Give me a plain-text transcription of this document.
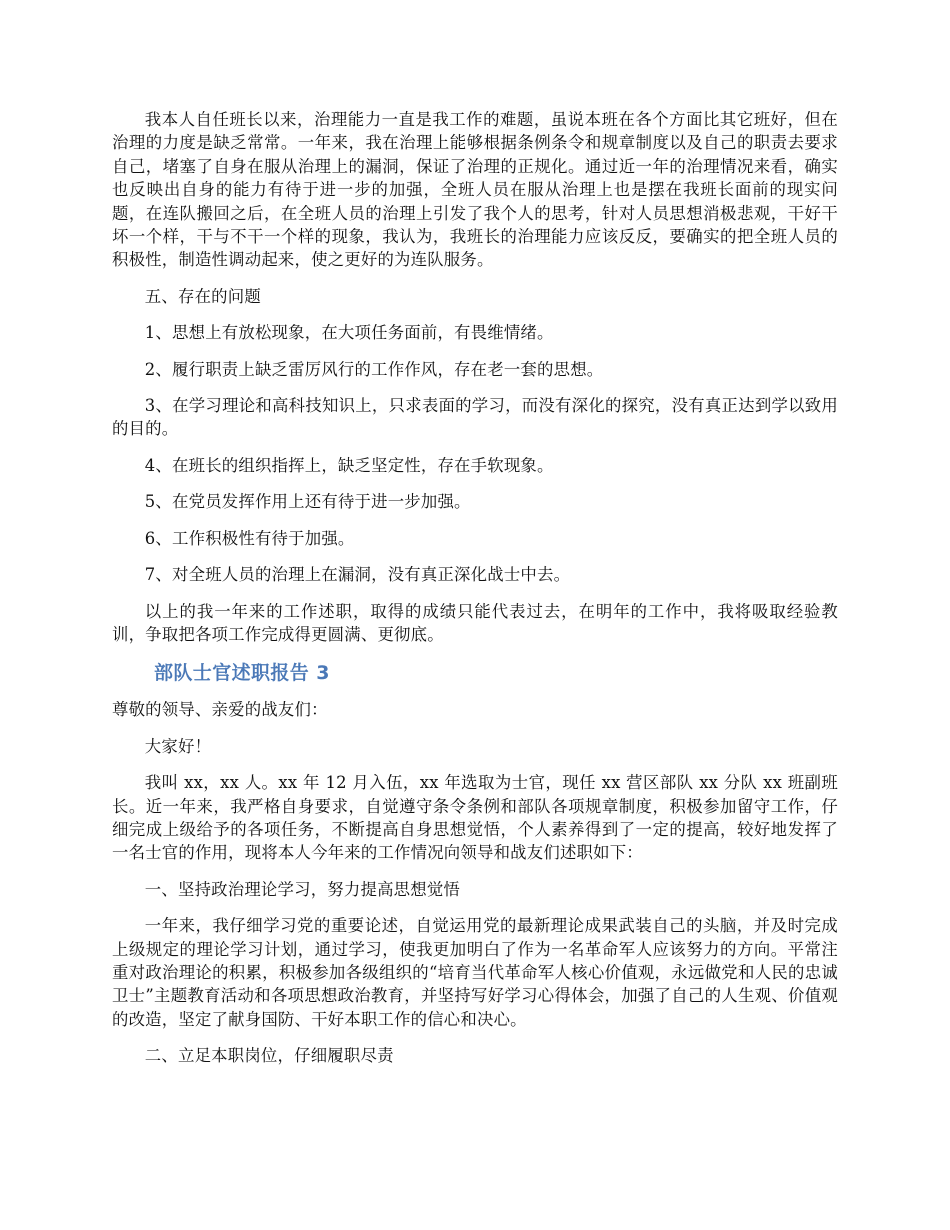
我本人自任班长以来，治理能力一直是我工作的难题，虽说本班在各个方面比其它班好，但在治理的力度是缺乏常常。一年来，我在治理上能够根据条例条令和规章制度以及自己的职责去要求自己，堵塞了自身在服从治理上的漏洞，保证了治理的正规化。通过近一年的治理情况来看，确实也反映出自身的能力有待于进一步的加强，全班人员在服从治理上也是摆在我班长面前的现实问题，在连队搬回之后，在全班人员的治理上引发了我个人的思考，针对人员思想消极悲观，干好干坏一个样，干与不干一个样的现象，我认为，我班长的治理能力应该反反，要确实的把全班人员的积极性，制造性调动起来，使之更好的为连队服务。

五、存在的问题

1、思想上有放松现象，在大项任务面前，有畏维情绪。

2、履行职责上缺乏雷厉风行的工作作风，存在老一套的思想。

3、在学习理论和高科技知识上，只求表面的学习，而没有深化的探究，没有真正达到学以致用的目的。

4、在班长的组织指挥上，缺乏坚定性，存在手软现象。

5、在党员发挥作用上还有待于进一步加强。

6、工作积极性有待于加强。

7、对全班人员的治理上在漏洞，没有真正深化战士中去。

以上的我一年来的工作述职，取得的成绩只能代表过去，在明年的工作中，我将吸取经验教训，争取把各项工作完成得更圆满、更彻底。

部队士官述职报告 3

尊敬的领导、亲爱的战友们：

大家好！

我叫 xx，xx 人。xx 年 12 月入伍，xx 年选取为士官，现任 xx 营区部队 xx 分队 xx 班副班长。近一年来，我严格自身要求，自觉遵守条令条例和部队各项规章制度，积极参加留守工作，仔细完成上级给予的各项任务，不断提高自身思想觉悟，个人素养得到了一定的提高，较好地发挥了一名士官的作用，现将本人今年来的工作情况向领导和战友们述职如下：

一、坚持政治理论学习，努力提高思想觉悟

一年来，我仔细学习党的重要论述，自觉运用党的最新理论成果武装自己的头脑，并及时完成上级规定的理论学习计划，通过学习，使我更加明白了作为一名革命军人应该努力的方向。平常注重对政治理论的积累，积极参加各级组织的“培育当代革命军人核心价值观，永远做党和人民的忠诚卫士”主题教育活动和各项思想政治教育，并坚持写好学习心得体会，加强了自己的人生观、价值观的改造，坚定了献身国防、干好本职工作的信心和决心。

二、立足本职岗位，仔细履职尽责
